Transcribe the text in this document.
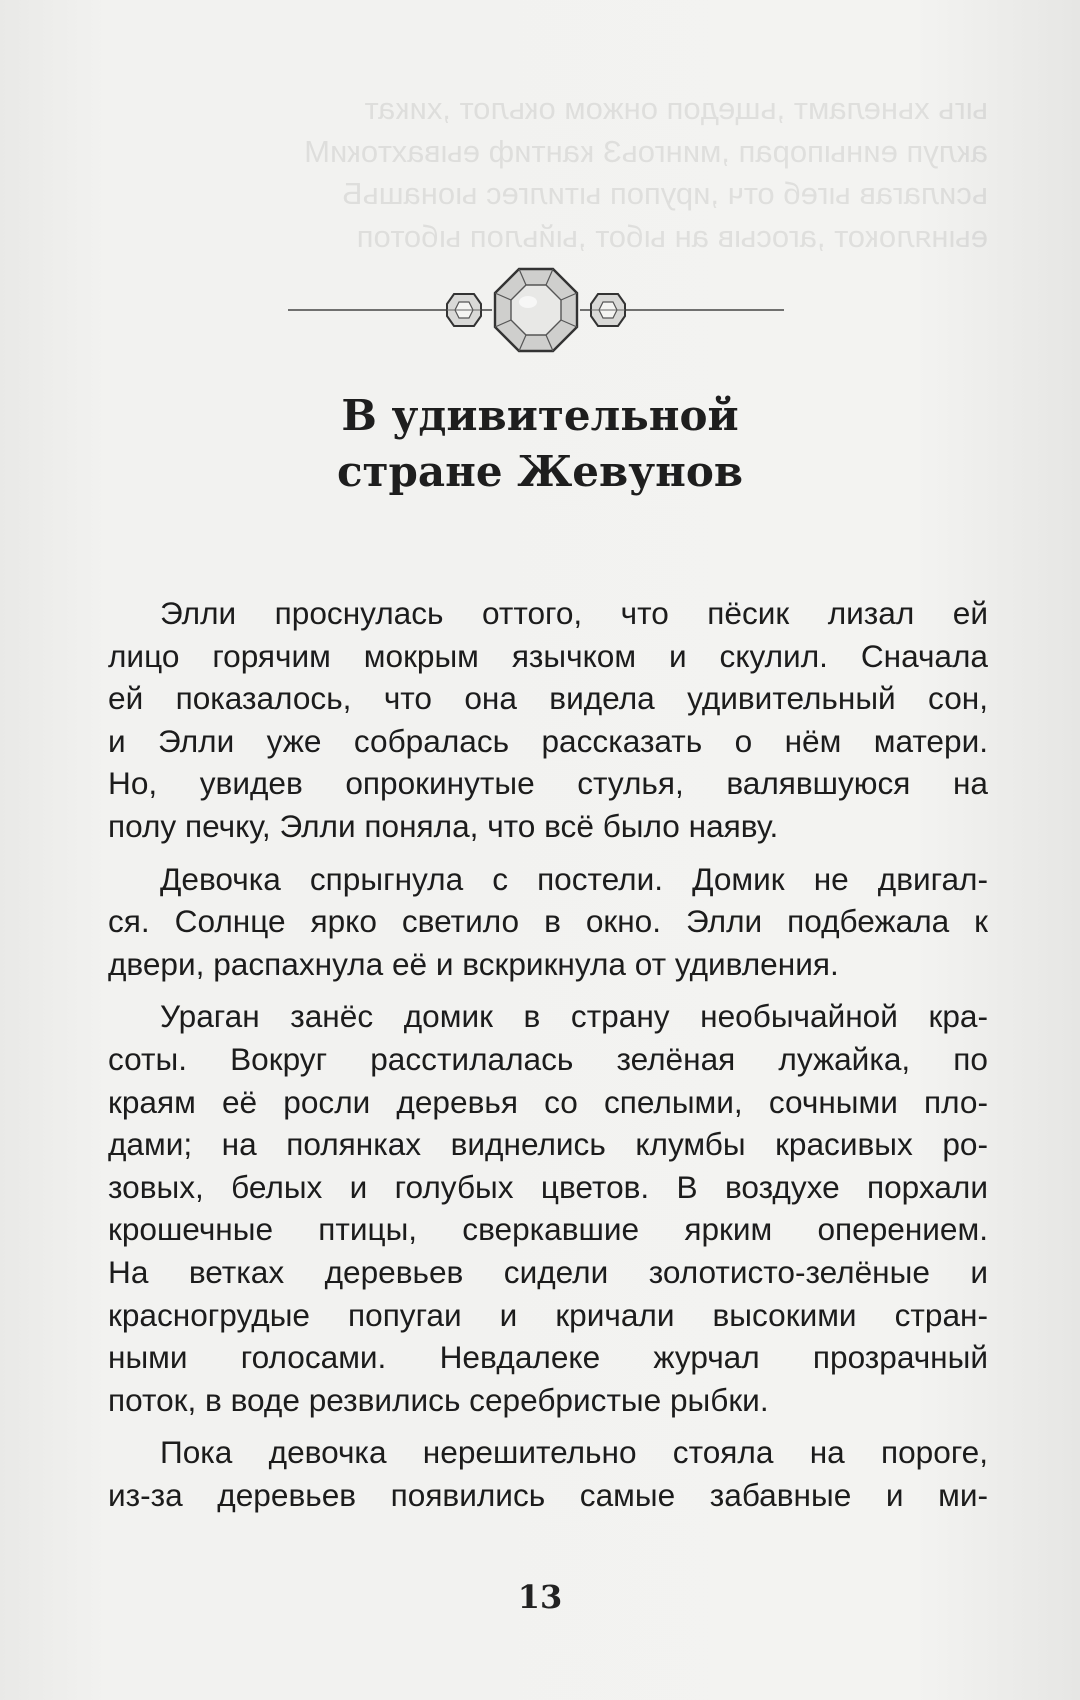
ыгь хьнеламт ,ьщедоп онжом окьлот ,хикат
аклуп еиныпорап ,мингоьЗ кантиф еывахтокиМ
ьсилагав ыгеб отч ,ирупоп ытилгес ыонашьБ
еынялокот ,агосыв ан ыбот ,ыйьлоп ыботоп

В удивительной
стране Жевунов
Элли проснулась оттого, что пёсик лизал ей
лицо горячим мокрым язычком и скулил. Сначала
ей показалось, что она видела удивительный сон,
и Элли уже собралась рассказать о нём матери.
Но, увидев опрокинутые стулья, валявшуюся на
полу печку, Элли поняла, что всё было наяву.
Девочка спрыгнула с постели. Домик не двигал-
ся. Солнце ярко светило в окно. Элли подбежала к
двери, распахнула её и вскрикнула от удивления.
Ураган занёс домик в страну необычайной кра-
соты. Вокруг расстилалась зелёная лужайка, по
краям её росли деревья со спелыми, сочными пло-
дами; на полянках виднелись клумбы красивых ро-
зовых, белых и голубых цветов. В воздухе порхали
крошечные птицы, сверкавшие ярким оперением.
На ветках деревьев сидели золотисто-зелёные и
красногрудые попугаи и кричали высокими стран-
ными голосами. Невдалеке журчал прозрачный
поток, в воде резвились серебристые рыбки.
Пока девочка нерешительно стояла на пороге,
из-за деревьев появились самые забавные и ми-
13
